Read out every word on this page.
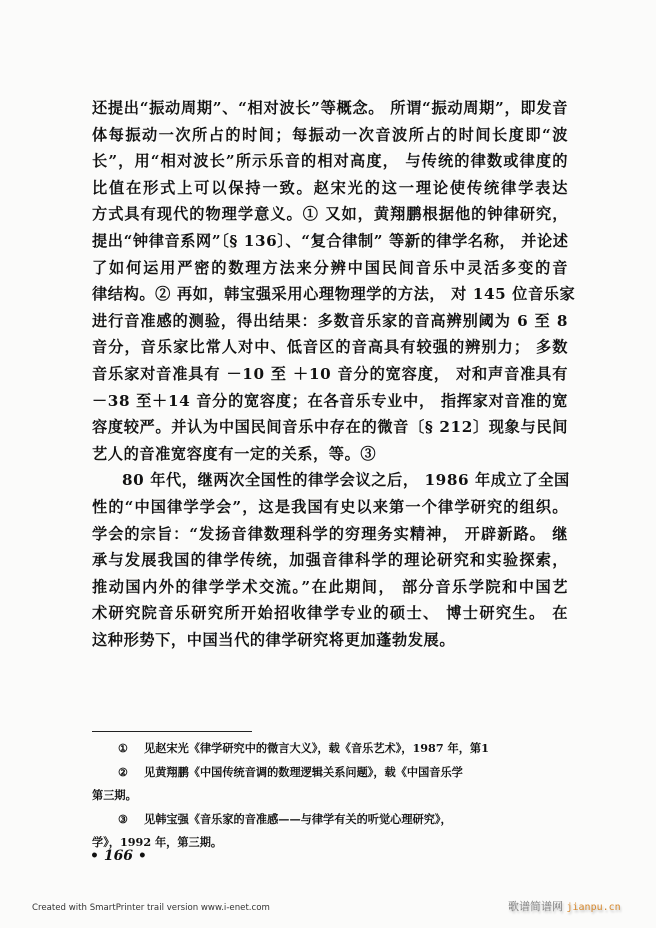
还提出“振动周期”、“相对波长”等概念。 所谓“振动周期”，即发音
体每振动一次所占的时间；每振动一次音波所占的时间长度即“波
长”，用“相对波长”所示乐音的相对高度， 与传统的律数或律度的
比值在形式上可以保持一致。赵宋光的这一理论使传统律学表达
方式具有现代的物理学意义。① 又如，黄翔鹏根据他的钟律研究，
提出“钟律音系网”〔§ 136〕、“复合律制” 等新的律学名称， 并论述
了如何运用严密的数理方法来分辨中国民间音乐中灵活多变的音
律结构。② 再如，韩宝强采用心理物理学的方法， 对 145 位音乐家
进行音准感的测验，得出结果：多数音乐家的音高辨别阈为 6 至 8
音分，音乐家比常人对中、低音区的音高具有较强的辨别力； 多数
音乐家对音准具有 －10 至 ＋10 音分的宽容度， 对和声音准具有
－38 至＋14 音分的宽容度；在各音乐专业中， 指挥家对音准的宽
容度较严。并认为中国民间音乐中存在的微音〔§ 212〕现象与民间
艺人的音准宽容度有一定的关系，等。③
80 年代，继两次全国性的律学会议之后， 1986 年成立了全国
性的“中国律学学会”，这是我国有史以来第一个律学研究的组织。
学会的宗旨：“发扬音律数理科学的穷理务实精神， 开辟新路。 继
承与发展我国的律学传统，加强音律科学的理论研究和实验探索，
推动国内外的律学学术交流。”在此期间， 部分音乐学院和中国艺
术研究院音乐研究所开始招收律学专业的硕士、 博士研究生。 在
这种形势下，中国当代的律学研究将更加蓬勃发展。
① 见赵宋光《律学研究中的微言大义》，载《音乐艺术》，1987 年，第1
② 见黄翔鹏《中国传统音调的数理逻辑关系问题》，载《中国音乐学
第三期。
③ 见韩宝强《音乐家的音准感——与律学有关的听觉心理研究》，
学》，1992 年，第三期。
• 166 •
Created with SmartPrinter trail version www.i-enet.com	歌谱简谱网 jianpu.cn
